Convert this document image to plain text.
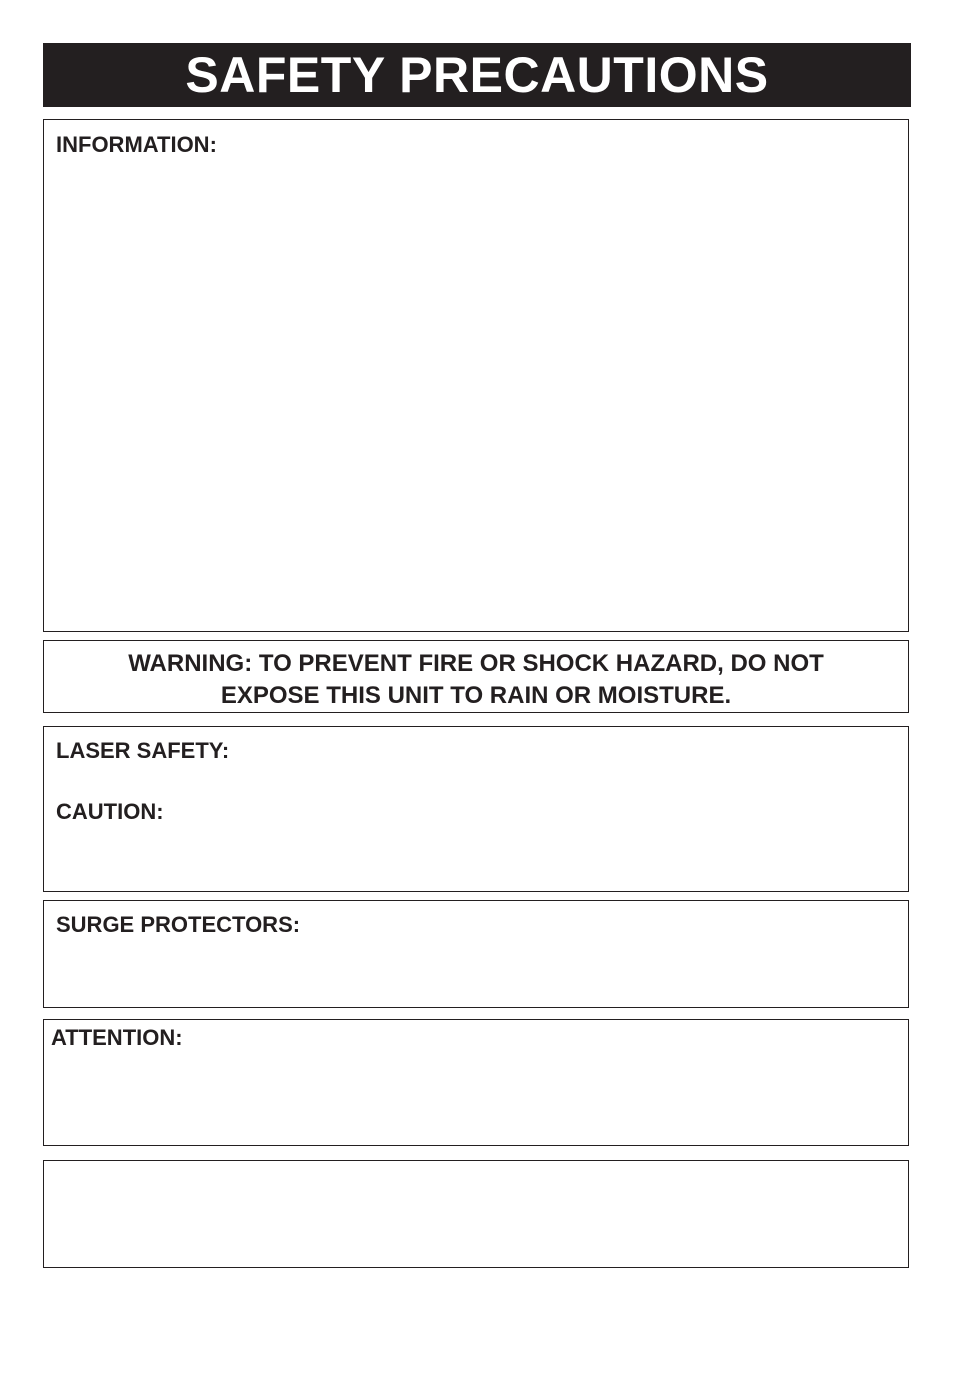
SAFETY PRECAUTIONS
INFORMATION:
WARNING: TO PREVENT FIRE OR SHOCK HAZARD, DO NOT
EXPOSE THIS UNIT TO RAIN OR MOISTURE.
LASER SAFETY:
CAUTION:
SURGE PROTECTORS:
ATTENTION:
